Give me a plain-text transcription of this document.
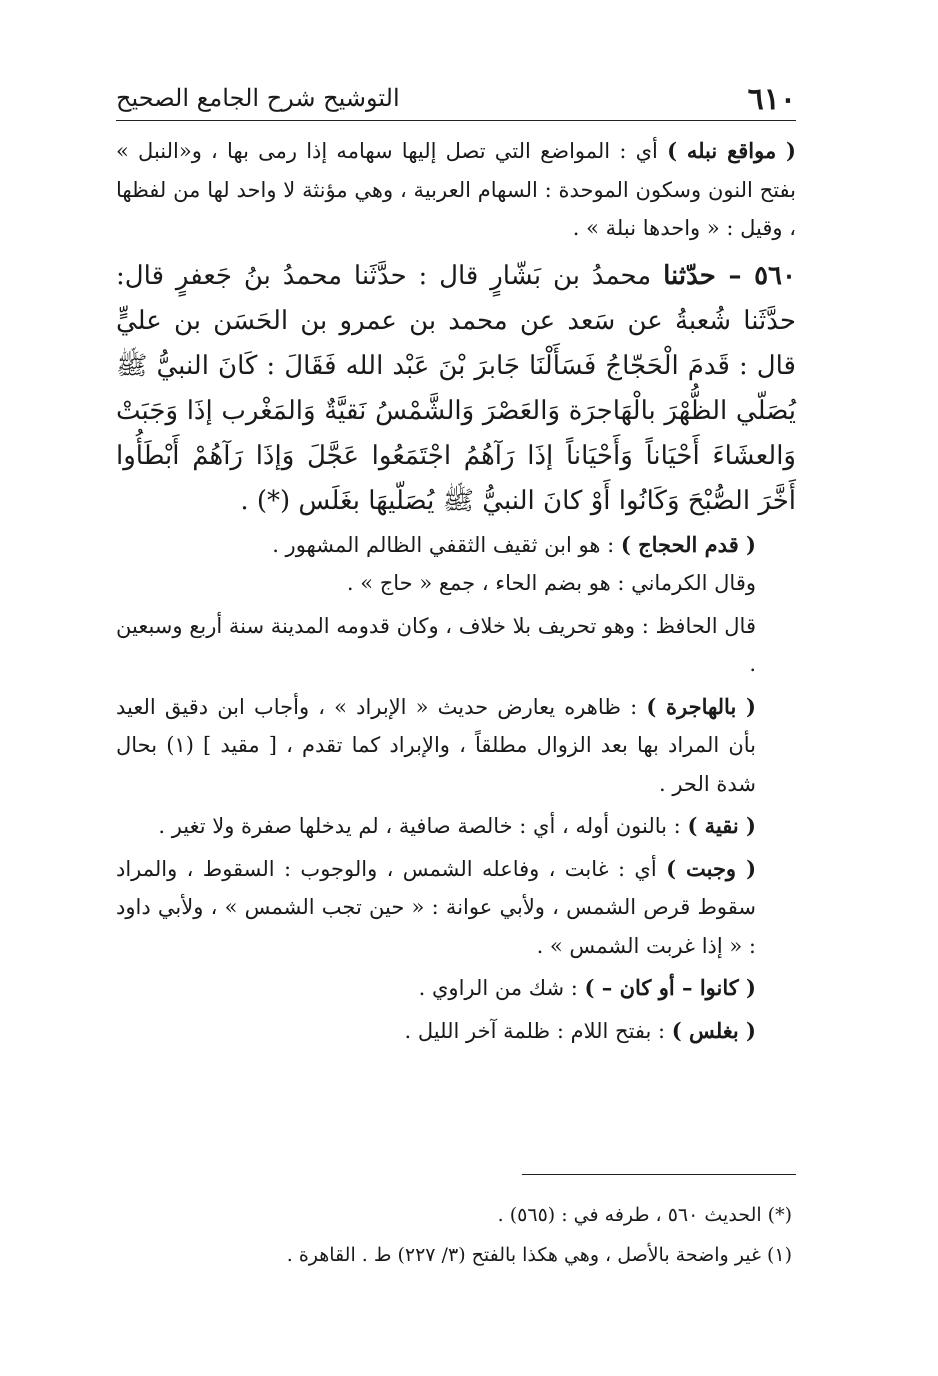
٦١٠
التوشيح شرح الجامع الصحيح

( مواقع نبله ) أي : المواضع التي تصل إليها سهامه إذا رمى بها ، و«النبل » بفتح النون وسكون الموحدة : السهام العربية ، وهي مؤنثة لا واحد لها من لفظها ، وقيل : « واحدها نبلة » .

٥٦٠ – حدّثنا محمدُ بن بَشّارٍ قال : حدَّثَنا محمدُ بنُ جَعفرٍ قال: حدَّثَنا شُعبةُ عن سَعد عن محمد بن عمرو بن الحَسَن بن عليٍّ قال : قَدمَ الْحَجّاجُ فَسَأَلْنَا جَابرَ بْنَ عَبْد الله فَقَالَ : كَانَ النبيُّ ﷺ يُصَلّي الظُّهْرَ بالْهَاجرَة وَالعَصْرَ وَالشَّمْسُ نَقيَّةٌ وَالمَغْرب إذَا وَجَبَتْ وَالعشَاءَ أَحْيَاناً وَأَحْيَاناً إذَا رَآهُمُ اجْتَمَعُوا عَجَّلَ وَإذَا رَآهُمْ أَبْطَأُوا أَخَّرَ الصُّبْحَ وَكَانُوا أَوْ كانَ النبيُّ ﷺ يُصَلّيهَا بغَلَس (*) .

( قدم الحجاج ) : هو ابن ثقيف الثقفي الظالم المشهور .

وقال الكرماني : هو بضم الحاء ، جمع « حاج » .

قال الحافظ : وهو تحريف بلا خلاف ، وكان قدومه المدينة سنة أربع وسبعين .

( بالهاجرة ) : ظاهره يعارض حديث « الإبراد » ، وأجاب ابن دقيق العيد بأن المراد بها بعد الزوال مطلقاً ، والإبراد كما تقدم ، [ مقيد ] (١) بحال شدة الحر .

( نقية ) : بالنون أوله ، أي : خالصة صافية ، لم يدخلها صفرة ولا تغير .

( وجبت ) أي : غابت ، وفاعله الشمس ، والوجوب : السقوط ، والمراد سقوط قرص الشمس ، ولأبي عوانة : « حين تجب الشمس » ، ولأبي داود : « إذا غربت الشمس » .

( كانوا – أو كان – ) : شك من الراوي .

( بغلس ) : بفتح اللام : ظلمة آخر الليل .

(*) الحديث ٥٦٠ ، طرفه في : (٥٦٥) .

(١) غير واضحة بالأصل ، وهي هكذا بالفتح (٣/ ٢٢٧) ط . القاهرة .
